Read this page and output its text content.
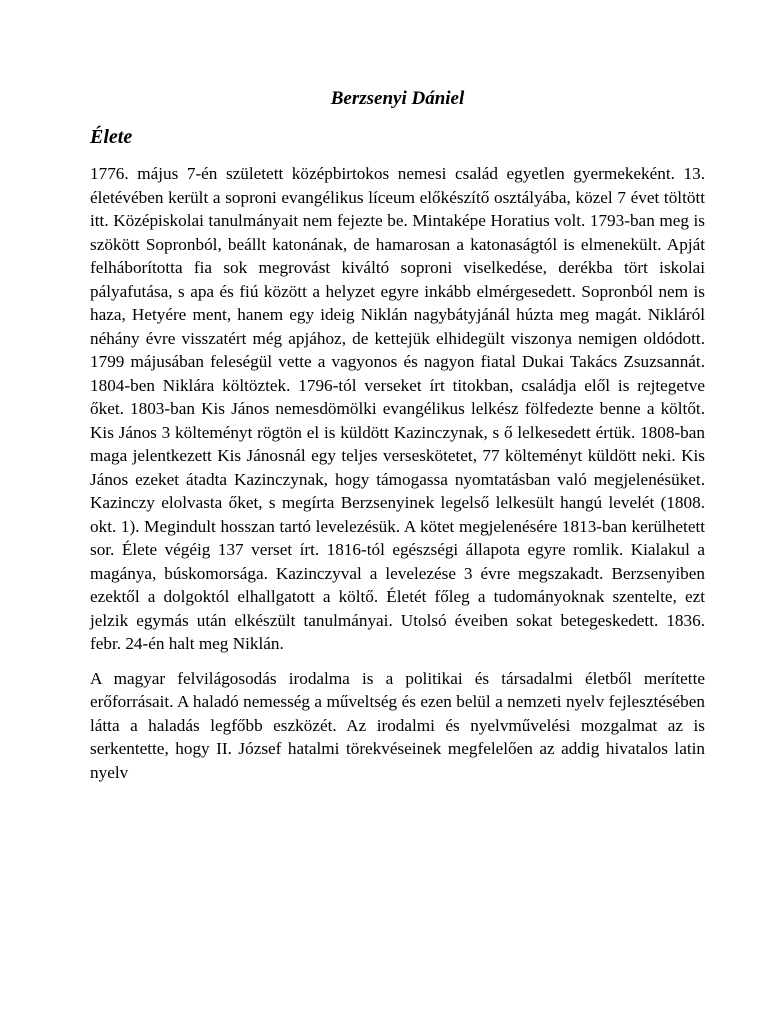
Berzsenyi Dániel
Élete

1776. május 7-én született középbirtokos nemesi család egyetlen gyermekeként. 13. életévében került a soproni evangélikus líceum előkészítő osztályába, közel 7 évet töltött itt. Középiskolai tanulmányait nem fejezte be. Mintaképe Horatius volt. 1793-ban meg is szökött Sopronból, beállt katonának, de hamarosan a katonaságtól is elmenekült. Apját felháborította fia sok megrovást kiváltó soproni viselkedése, derékba tört iskolai pályafutása, s apa és fiú között a helyzet egyre inkább elmérgesedett. Sopronból nem is haza, Hetyére ment, hanem egy ideig Niklán nagybátyjánál húzta meg magát. Nikláról néhány évre visszatért még apjához, de kettejük elhidegült viszonya nemigen oldódott. 1799 májusában feleségül vette a vagyonos és nagyon fiatal Dukai Takács Zsuzsannát. 1804-ben Niklára költöztek. 1796-tól verseket írt titokban, családja elől is rejtegetve őket. 1803-ban Kis János nemesdömölki evangélikus lelkész fölfedezte benne a költőt. Kis János 3 költeményt rögtön el is küldött Kazinczynak, s ő lelkesedett értük. 1808-ban maga jelentkezett Kis Jánosnál egy teljes verseskötetet, 77 költeményt küldött neki. Kis János ezeket átadta Kazinczynak, hogy támogassa nyomtatásban való megjelenésüket. Kazinczy elolvasta őket, s megírta Berzsenyinek legelső lelkesült hangú levelét (1808. okt. 1). Megindult hosszan tartó levelezésük. A kötet megjelenésére 1813-ban kerülhetett sor. Élete végéig 137 verset írt. 1816-tól egészségi állapota egyre romlik. Kialakul a magánya, búskomorsága. Kazinczyval a levelezése 3 évre megszakadt. Berzsenyiben ezektől a dolgoktól elhallgatott a költő. Életét főleg a tudományoknak szentelte, ezt jelzik egymás után elkészült tanulmányai. Utolsó éveiben sokat betegeskedett. 1836. febr. 24-én halt meg Niklán.

A magyar felvilágosodás irodalma is a politikai és társadalmi életből merítette erőforrásait. A haladó nemesség a műveltség és ezen belül a nemzeti nyelv fejlesztésében látta a haladás legfőbb eszközét. Az irodalmi és nyelvművelési mozgalmat az is serkentette, hogy II. József hatalmi törekvéseinek megfelelően az addig hivatalos latin nyelv
